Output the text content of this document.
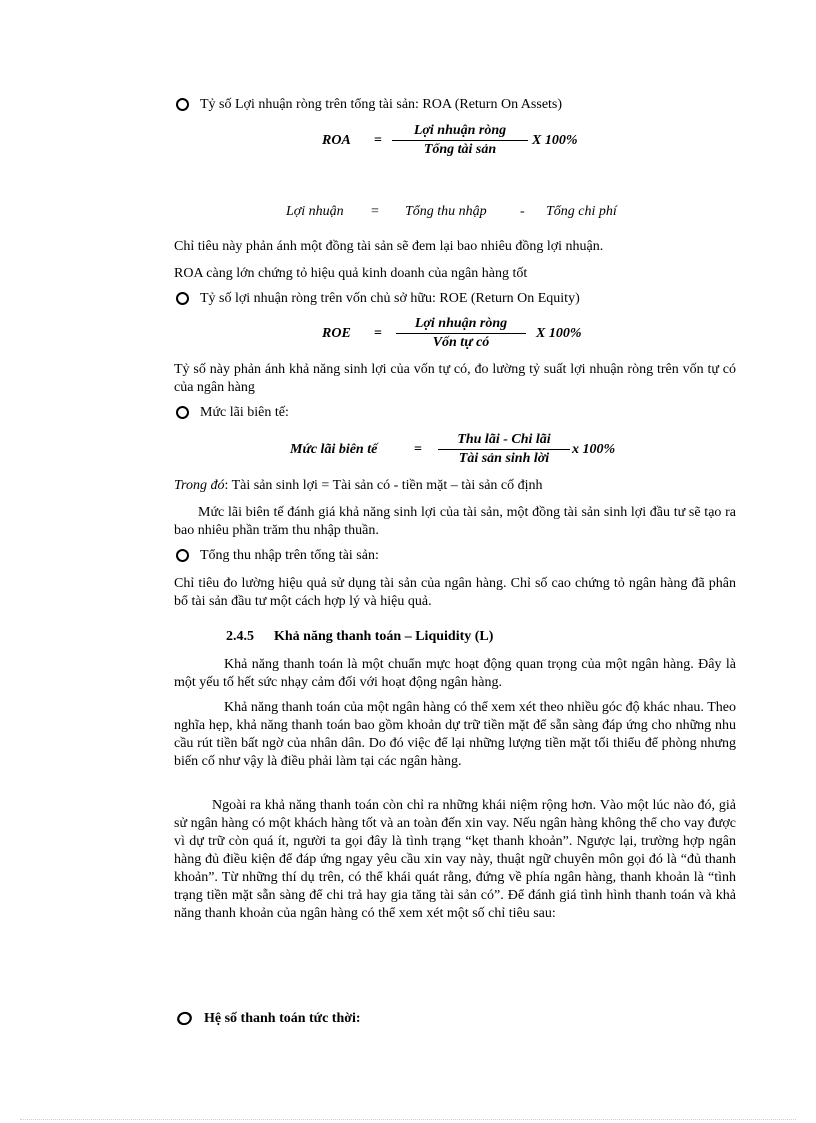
Tỷ số Lợi nhuận ròng trên tổng tài sản: ROA (Return On Assets)
ROA =
Lợi nhuận ròng
Tổng tài sản
X 100%
Lợi nhuận = Tổng thu nhập - Tổng chi phí
Chỉ tiêu này phản ánh một đồng tài sản sẽ đem lại bao nhiêu đồng lợi nhuận.
ROA càng lớn chứng tỏ hiệu quả kinh doanh của ngân hàng tốt
Tỷ số lợi nhuận ròng trên vốn chủ sở hữu: ROE (Return On Equity)
ROE =
Lợi nhuận ròng
Vốn tự có
X 100%
Tỷ số này phản ánh khả năng sinh lợi của vốn tự có, đo lường tỷ suất lợi nhuận ròng trên vốn tự có của ngân hàng
Mức lãi biên tế:
Mức lãi biên tế	=
Thu lãi - Chi lãi
Tài sản sinh lời
x 100%
Trong đó: Tài sản sinh lợi = Tài sản có - tiền mặt – tài sản cố định
Mức lãi biên tế đánh giá khả năng sinh lợi của tài sản, một đồng tài sản sinh lợi đầu tư sẽ tạo ra bao nhiêu phần trăm thu nhập thuần.
Tổng thu nhập trên tổng tài sản:
Chỉ tiêu đo lường hiệu quả sử dụng tài sản của ngân hàng. Chỉ số cao chứng tỏ ngân hàng đã phân bổ tài sản đầu tư một cách hợp lý và hiệu quả.
2.4.5 Khả năng thanh toán – Liquidity (L)
Khả năng thanh toán là một chuẩn mực hoạt động quan trọng của một ngân hàng. Đây là một yếu tố hết sức nhạy cảm đối với hoạt động ngân hàng.
Khả năng thanh toán của một ngân hàng có thể xem xét theo nhiều góc độ khác nhau. Theo nghĩa hẹp, khả năng thanh toán bao gồm khoản dự trữ tiền mặt để sẵn sàng đáp ứng cho những nhu cầu rút tiền bất ngờ của nhân dân. Do đó việc để lại những lượng tiền mặt tối thiểu để phòng nhưng biến cố như vậy là điều phải làm tại các ngân hàng.
Ngoài ra khả năng thanh toán còn chỉ ra những khái niệm rộng hơn. Vào một lúc nào đó, giả sử ngân hàng có một khách hàng tốt và an toàn đến xin vay. Nếu ngân hàng không thể cho vay được vì dự trữ còn quá ít, người ta gọi đây là tình trạng “kẹt thanh khoản”. Ngược lại, trường hợp ngân hàng đủ điều kiện để đáp ứng ngay yêu cầu xin vay này, thuật ngữ chuyên môn gọi đó là “đủ thanh khoản”. Từ những thí dụ trên, có thể khái quát rằng, đứng về phía ngân hàng, thanh khoản là “tình trạng tiền mặt sẵn sàng để chi trả hay gia tăng tài sản có”. Để đánh giá tình hình thanh toán và khả năng thanh khoản của ngân hàng có thể xem xét một số chỉ tiêu sau:
Hệ số thanh toán tức thời:
